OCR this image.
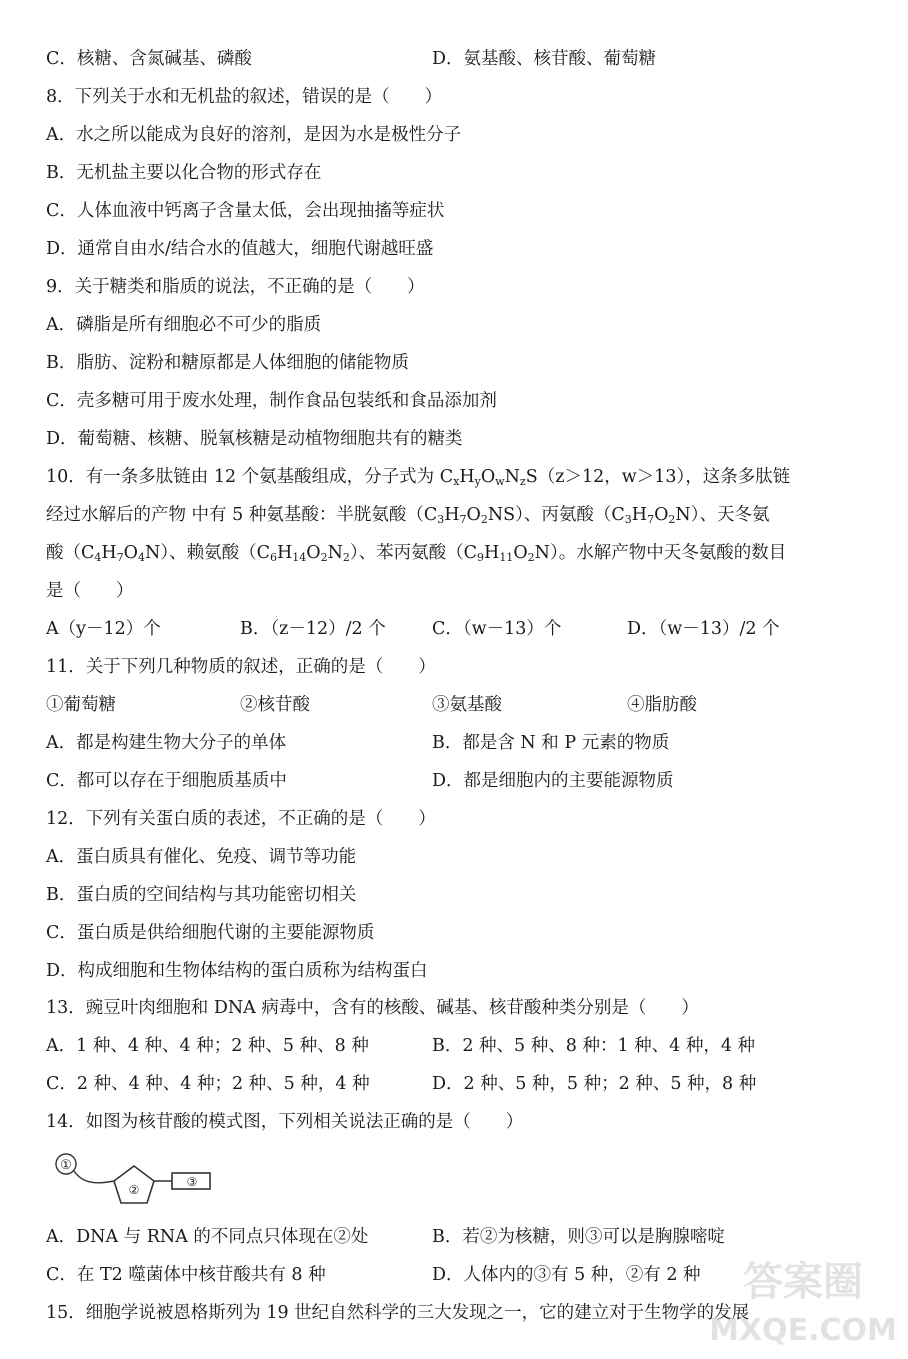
C．核糖、含氮碱基、磷酸	D．氨基酸、核苷酸、葡萄糖
8．下列关于水和无机盐的叙述，错误的是（　　）
A．水之所以能成为良好的溶剂，是因为水是极性分子
B．无机盐主要以化合物的形式存在
C．人体血液中钙离子含量太低，会出现抽搐等症状
D．通常自由水/结合水的值越大，细胞代谢越旺盛
9．关于糖类和脂质的说法，不正确的是（　　）
A．磷脂是所有细胞必不可少的脂质
B．脂肪、淀粉和糖原都是人体细胞的储能物质
C．壳多糖可用于废水处理，制作食品包装纸和食品添加剂
D．葡萄糖、核糖、脱氧核糖是动植物细胞共有的糖类
10．有一条多肽链由 12 个氨基酸组成，分子式为 $C_xH_yO_wN_zS(z>12$，w＞13），这条多肽链
经过水解后的产物 中有 5 种氨基酸：半胱氨酸$(C_3H_7O_2NS)$、丙氨酸$(C_3H_7O_2N)$、天冬氨
酸$(C_4H_7O_4N)$、赖氨酸$(C_6H_{14}O_2N_2)$、苯丙氨酸$(C_9H_{11}O_2N)$。水解产物中天冬氨酸的数目
是（　　）
A（y－12）个	B．（z－12）/2 个	C．（w－13）个	D．（w－13）/2 个
11．关于下列几种物质的叙述，正确的是（　　）
①葡萄糖	②核苷酸	③氨基酸	④脂肪酸
A．都是构建生物大分子的单体	B．都是含 N 和 P 元素的物质
C．都可以存在于细胞质基质中	D．都是细胞内的主要能源物质
12．下列有关蛋白质的表述，不正确的是（　　）
A．蛋白质具有催化、免疫、调节等功能
B．蛋白质的空间结构与其功能密切相关
C．蛋白质是供给细胞代谢的主要能源物质
D．构成细胞和生物体结构的蛋白质称为结构蛋白
13．豌豆叶肉细胞和 DNA 病毒中，含有的核酸、碱基、核苷酸种类分别是（　　）
A．1 种、4 种、4 种；2 种、5 种、8 种	B．2 种、5 种、8 种：1 种、4 种，4 种
C．2 种、4 种、4 种；2 种、5 种，4 种	D．2 种、5 种，5 种；2 种、5 种，8 种
14．如图为核苷酸的模式图，下列相关说法正确的是（　　）
①
②
③
A．DNA 与 RNA 的不同点只体现在②处	B．若②为核糖，则③可以是胸腺嘧啶
C．在 T2 噬菌体中核苷酸共有 8 种	D．人体内的③有 5 种，②有 2 种
15．细胞学说被恩格斯列为 19 世纪自然科学的三大发现之一，它的建立对于生物学的发展
答案圈
MXQE.COM
